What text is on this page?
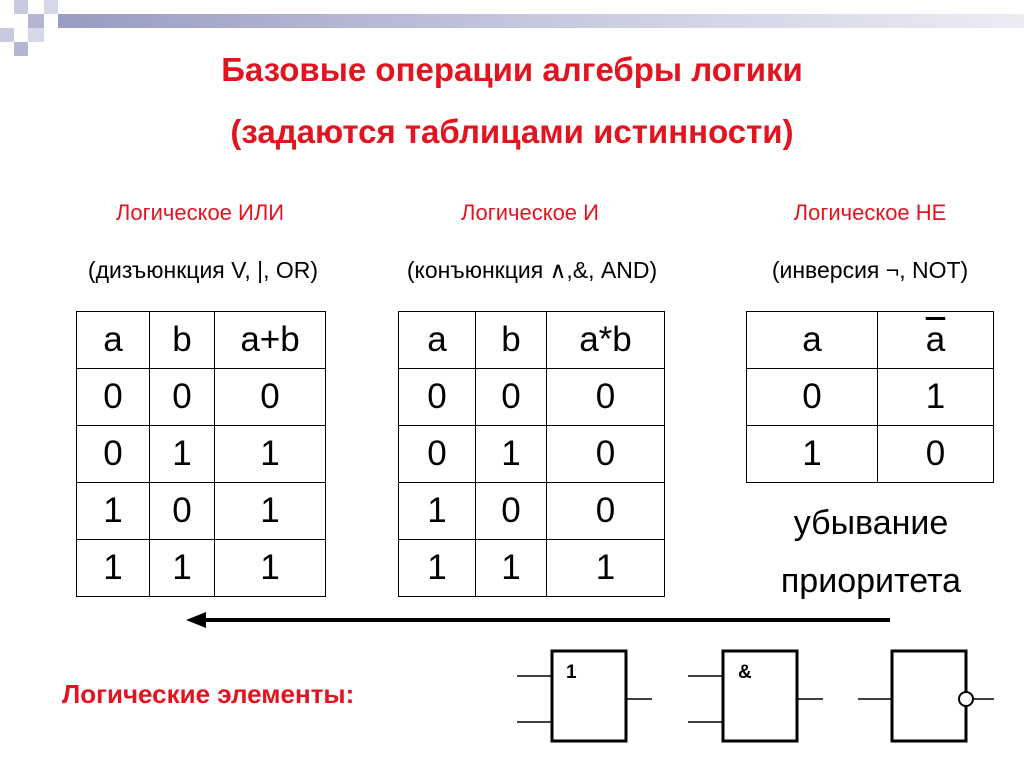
Базовые операции алгебры логики
(задаются таблицами истинности)
Логическое ИЛИ
(дизъюнкция V, |, OR)
Логическое И
(конъюнкция ∧,&, AND)
Логическое НЕ
(инверсия ¬, NOT)
a	b	a+b
0	0	0
0	1	1
1	0	1
1	1	1
a	b	a*b
0	0	0
0	1	0
1	0	0
1	1	1
a	$\overline{a}$
0	1
1	0
убывание
приоритета
1	&
Логические элементы:
